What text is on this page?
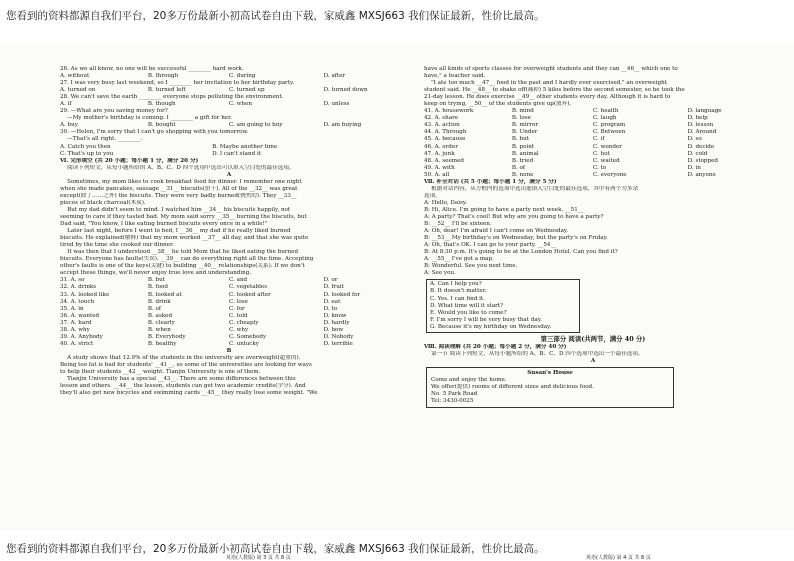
您看到的资料都源自我们平台，20多万份最新小初高试卷自由下载，家威鑫 MXSJ663 我们保证最新，性价比最高。
26. As we all know, no one will be successful ________ hard work.
A. without	B. through	C. during	D. after
27. I was very busy last weekend, so I ________ her invitation to her birthday party.
A. turned on	B. turned left	C. turned up	D. turned down
28. We can't save the earth ________ everyone stops polluting the environment.
A. if	B. though	C. when	D. unless
29. —What are you saving money for?
—My mother's birthday is coming. I ________ a gift for her.
A. buy	B. bought	C. am going to buy	D. am buying
30. —Helen, I'm sorry that I can't go shopping with you tomorrow.
—That's all right. ________.
A. Catch you then	B. Maybe another time
C. That's up to you	D. I can't stand it
Ⅵ. 完形填空 (共 20 小题；每小题 1 分，满分 20 分)
阅读下列短文，从每小题所给的 A、B、C、D 四个选项中选出可以填入空白处的最佳选项。
A
Sometimes, my mom likes to cook breakfast food for dinner. I remember one night
when she made pancakes, sausage __31__ biscuits(饼干). All of the __32__ was great
except(除了……之外) the biscuits. They were very badly burned(烧焦的). They __33__
pieces of black charcoal(木炭).
But my dad didn't seem to mind. I watched him __34__ his biscuits happily, not
seeming to care if they tasted bad. My mom said sorry __35__ burning the biscuits, but
Dad said, "You know, I like eating burned biscuits every once in a while!"
Later last night, before I went to bed, I __36__ my dad if he really liked burned
biscuits. He explained(解释) that my mom worked __37__ all day, and that she was quite
tired by the time she cooked our dinner.
It was then that I understood __38__ he told Mom that he liked eating the burned
biscuits. Everyone has faults(失误). __39__ can do everything right all the time. Accepting
other's faults is one of the keys(关键) to building __40__ relationships(关系). If we don't
accept these things, we'll never enjoy true love and understanding.
31. A. so	B. but	C. and	D. or
32. A. drinks	B. food	C. vegetables	D. fruit
33. A. looked like	B. looked at	C. looked after	D. looked for
34. A. touch	B. drink	C. lose	D. eat
35. A. in	B. of	C. for	D. to
36. A. wanted	B. asked	C. told	D. know
37. A. hard	B. clearly	C. cheaply	D. hardly
38. A. why	B. when	C. why	D. how
39. A. Anybody	B. Everybody	C. Somebody	D. Nobody
40. A. strict	B. healthy	C. unlucky	D. terrible
B
A study shows that 12.9% of the students in the university are overweight(超重的).
Being too fat is bad for students' __41__, so some of the universities are looking for ways
to help their students __42__ weight. Tianjin University is one of them.
Tianjin University has a special __43__. There are some differences between this
lesson and others. __44__ the lesson, students can get two academic credits(学分). And
they'll also get new bicycles and swimming cards __45__ they really lose some weight. "We
have all kinds of sports classes for overweight students and they can __46__ which one to
have," a teacher said.
"I ate too much __47__ food in the past and I hardly ever exercised," an overweight
student said. He __48__ to shake off(减掉) 5 kilos before the second semester, so he took the
21-day lesson. He does exercise __49__ other students every day. Although it is hard to
keep on trying, __50__ of the students give up(放弃).
41. A. housework	B. mind	C. health	D. language
42. A. share	B. lose	C. laugh	D. help
43. A. action	B. mirror	C. program	D. lesson
44. A. Through	B. Under	C. Between	D. Around
45. A. because	B. but	C. if	D. so
46. A. order	B. point	C. wonder	D. decide
47. A. junk	B. animal	C. hot	D. cold
48. A. seemed	B. tried	C. waited	D. stopped
49. A. with	B. of	C. to	D. in
50. A. all	B. none	C. everyone	D. anyone
Ⅶ. 补全对话 (共 5 小题；每小题 1 分，满分 5 分)
根据对话内容，从方框内的选项中选出能填入空白处的最佳选项，其中有两个为多余
选项。
A: Hello, Daisy.
B: Hi, Alice. I'm going to have a party next week. __51__
A: A party? That's cool! But why are you going to have a party?
B: __52__ I'll be sixteen.
A: Oh, dear! I'm afraid I can't come on Wednesday.
B: __53__ My birthday's on Wednesday, but the party's on Friday.
A: Oh, that's OK. I can go to your party. __54__
B: At 8:30 p.m. It's going to be at the London Hotel. Can you find it?
A: __55__ I've got a map.
B: Wonderful. See you next time.
A: See you.
A. Can I help you?
B. It doesn't matter.
C. Yes. I can find it.
D. What time will it start?
E. Would you like to come?
F. I'm sorry I will be very busy that day.
G. Because it's my birthday on Wednesday.
第三部分 阅读(共两节，满分 40 分)
Ⅷ. 阅读理解 (共 20 小题；每小题 2 分，满分 40 分)
第一节 阅读下列短文，从每小题所给的 A、B、C、D 四个选项中选出一个最佳选项。
A
Susan's House
Come and enjoy the home.
We offer(提供) rooms of different sizes and delicious food.
No. 5 Park Road
Tel: 3430-0025
英语(人教版) 第 3 页 共 8 页	英语(人教版) 第 4 页 共 8 页
您看到的资料都源自我们平台，20多万份最新小初高试卷自由下载，家威鑫 MXSJ663 我们保证最新，性价比最高。
